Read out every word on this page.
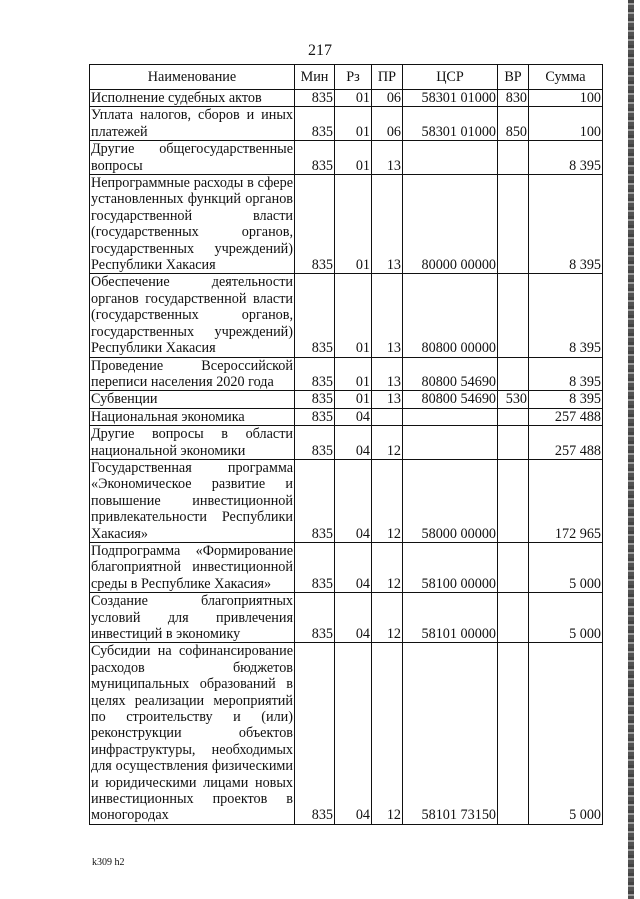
217
Наименование	Мин	Рз	ПР	ЦСР	ВР	Сумма
Исполнение судебных актов	835	01	06	58301 01000	830	100
Уплата налогов, сборов и иных платежей	835	01	06	58301 01000	850	100
Другие общегосударственные вопросы	835	01	13			8 395
Непрограммные расходы в сфере установленных функций органов государственной власти (государственных органов, государственных учреждений) Республики Хакасия	835	01	13	80000 00000		8 395
Обеспечение деятельности органов государственной власти (государственных органов, государственных учреждений) Республики Хакасия	835	01	13	80800 00000		8 395
Проведение Всероссийской переписи населения 2020 года	835	01	13	80800 54690		8 395
Субвенции	835	01	13	80800 54690	530	8 395
Национальная экономика	835	04				257 488
Другие вопросы в области национальной экономики	835	04	12			257 488
Государственная программа «Экономическое развитие и повышение инвестиционной привлекательности Республики Хакасия»	835	04	12	58000 00000		172 965
Подпрограмма «Формирование благоприятной инвестиционной среды в Республике Хакасия»	835	04	12	58100 00000		5 000
Создание благоприятных условий для привлечения инвестиций в экономику	835	04	12	58101 00000		5 000
Субсидии на софинансирование расходов бюджетов муниципальных образований в целях реализации мероприятий по строительству и (или) реконструкции объектов инфраструктуры, необходимых для осуществления физическими и юридическими лицами новых инвестиционных проектов в моногородах	835	04	12	58101 73150		5 000
k309 h2
